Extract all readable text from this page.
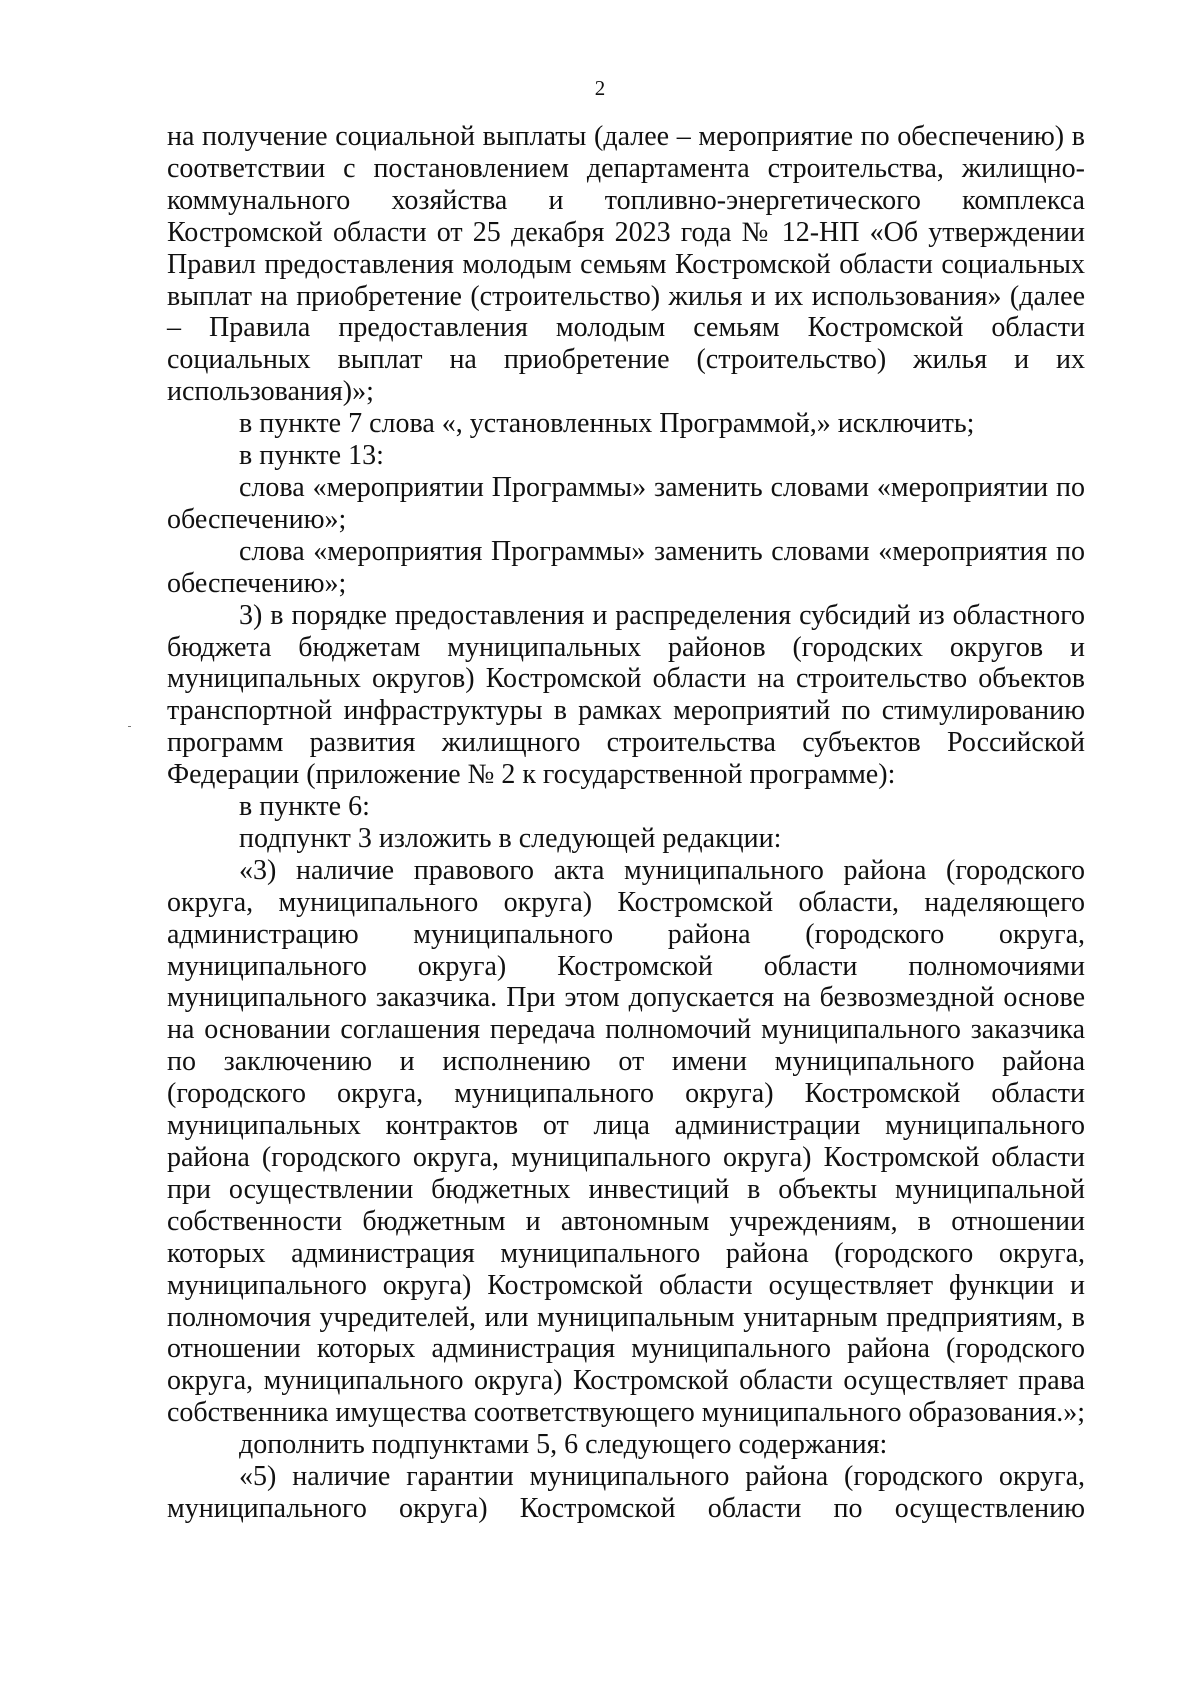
2

на получение социальной выплаты (далее – мероприятие по обеспечению) в соответствии с постановлением департамента строительства, жилищно-коммунального хозяйства и топливно-энергетического комплекса Костромской области от 25 декабря 2023 года № 12-НП «Об утверждении Правил предоставления молодым семьям Костромской области социальных выплат на приобретение (строительство) жилья и их использования» (далее – Правила предоставления молодым семьям Костромской области социальных выплат на приобретение (строительство) жилья и их использования)»;

в пункте 7 слова «, установленных Программой,» исключить;

в пункте 13:

слова «мероприятии Программы» заменить словами «мероприятии по обеспечению»;

слова «мероприятия Программы» заменить словами «мероприятия по обеспечению»;

3) в порядке предоставления и распределения субсидий из областного бюджета бюджетам муниципальных районов (городских округов и муниципальных округов) Костромской области на строительство объектов транспортной инфраструктуры в рамках мероприятий по стимулированию программ развития жилищного строительства субъектов Российской Федерации (приложение № 2 к государственной программе):

в пункте 6:

подпункт 3 изложить в следующей редакции:

«3) наличие правового акта муниципального района (городского округа, муниципального округа) Костромской области, наделяющего администрацию муниципального района (городского округа, муниципального округа) Костромской области полномочиями муниципального заказчика. При этом допускается на безвозмездной основе на основании соглашения передача полномочий муниципального заказчика по заключению и исполнению от имени муниципального района (городского округа, муниципального округа) Костромской области муниципальных контрактов от лица администрации муниципального района (городского округа, муниципального округа) Костромской области при осуществлении бюджетных инвестиций в объекты муниципальной собственности бюджетным и автономным учреждениям, в отношении которых администрация муниципального района (городского округа, муниципального округа) Костромской области осуществляет функции и полномочия учредителей, или муниципальным унитарным предприятиям, в отношении которых администрация муниципального района (городского округа, муниципального округа) Костромской области осуществляет права собственника имущества соответствующего муниципального образования.»;

дополнить подпунктами 5, 6 следующего содержания:

«5) наличие гарантии муниципального района (городского округа, муниципального округа) Костромской области по осуществлению
